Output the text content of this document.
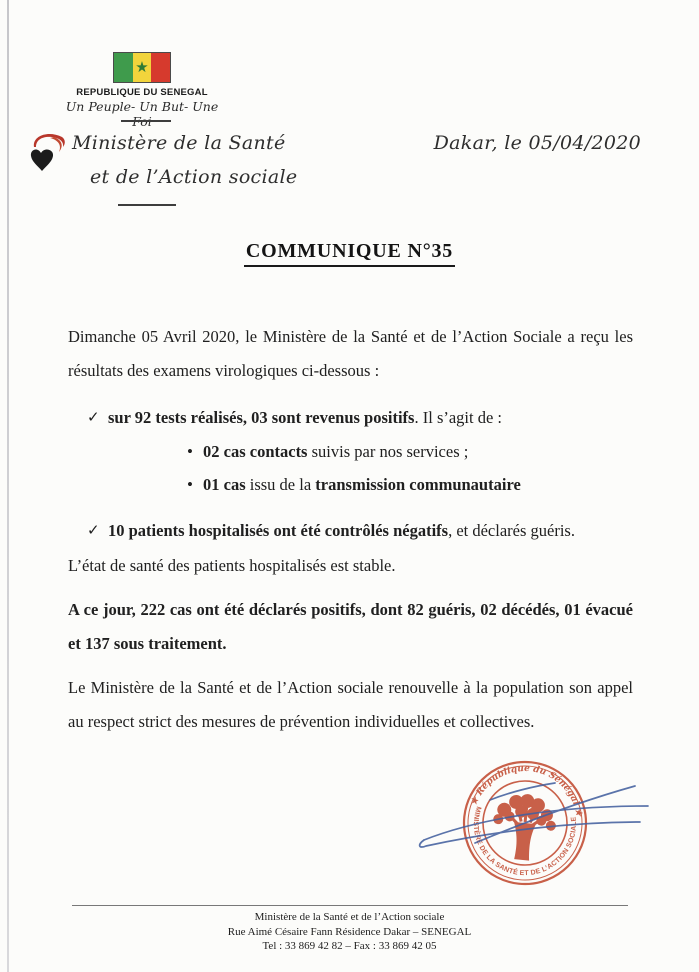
★
REPUBLIQUE DU SENEGAL
Un Peuple- Un But- Une Foi
Ministère de la Santé
et de l’Action sociale
Dakar, le 05/04/2020
COMMUNIQUE N°35
Dimanche 05 Avril 2020, le Ministère de la Santé et de l’Action Sociale a reçu les résultats des examens virologiques ci-dessous :
✓ sur 92 tests réalisés, 03 sont revenus positifs. Il s’agit de :
• 02 cas contacts suivis par nos services ;
• 01 cas issu de la transmission communautaire
✓ 10 patients hospitalisés ont été contrôlés négatifs, et déclarés guéris.
L’état de santé des patients hospitalisés est stable.
A ce jour, 222 cas ont été déclarés positifs, dont 82 guéris, 02 décédés, 01 évacué et 137 sous traitement.
Le Ministère de la Santé et de l’Action sociale renouvelle à la population son appel au respect strict des mesures de prévention individuelles et collectives.
★ République du Sénégal ★
MINISTÈRE DE LA SANTÉ ET DE L’ACTION SOCIALE
Ministère de la Santé et de l’Action sociale
Rue Aimé Césaire Fann Résidence Dakar – SENEGAL
Tel : 33 869 42 82 – Fax : 33 869 42 05
